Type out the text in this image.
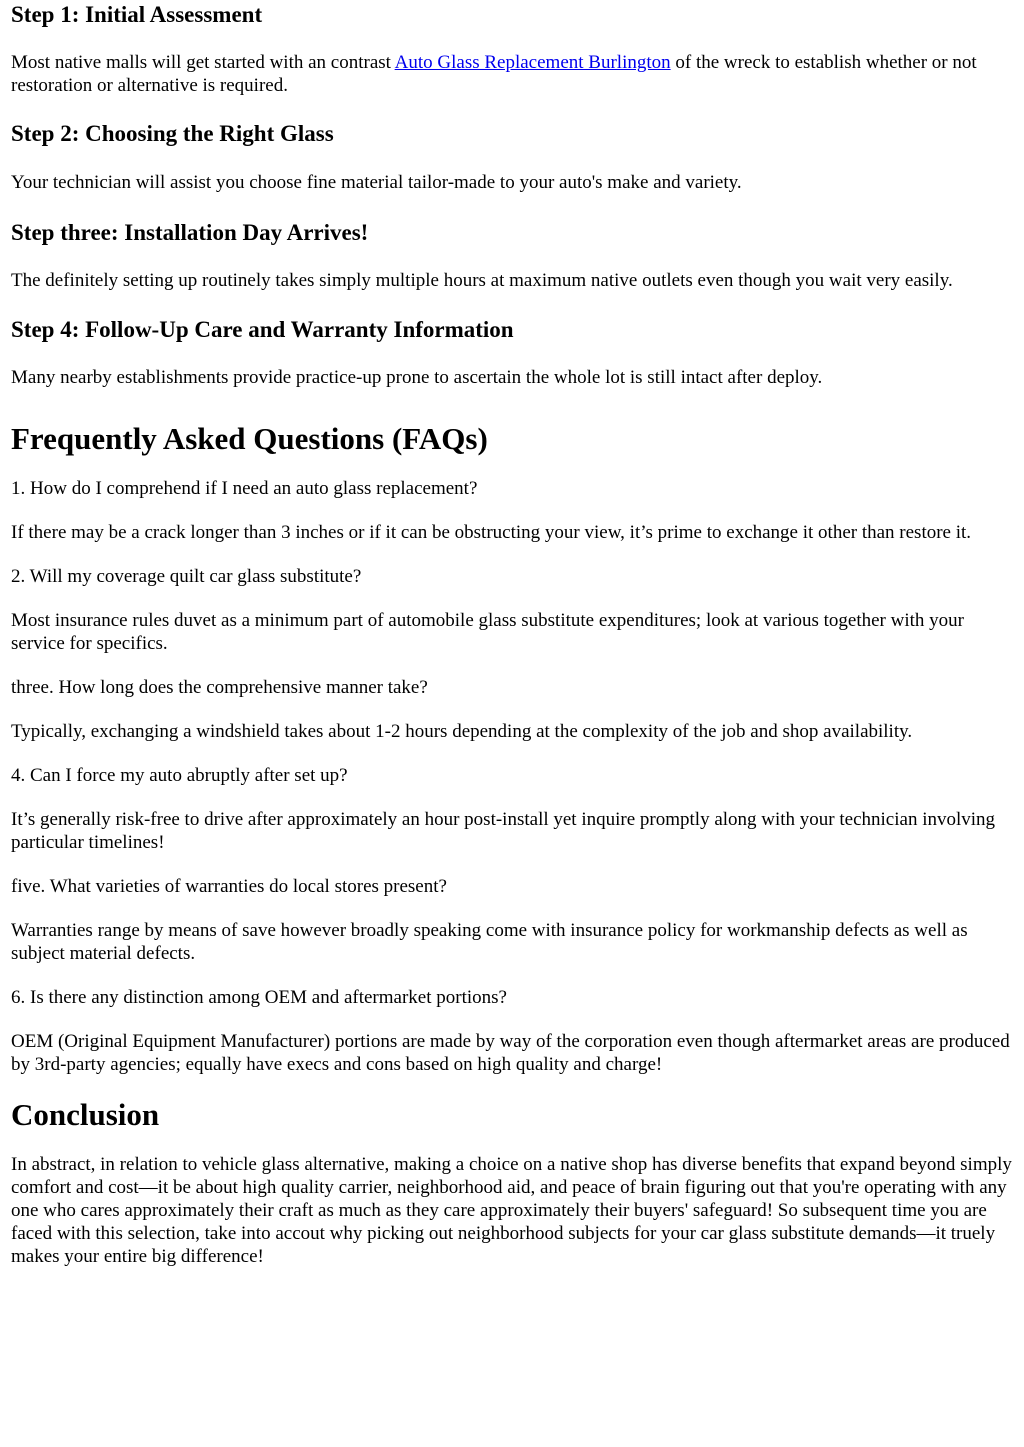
Step 1: Initial Assessment

Most native malls will get started with an contrast Auto Glass Replacement Burlington of the wreck to establish whether or not restoration or alternative is required.

Step 2: Choosing the Right Glass

Your technician will assist you choose fine material tailor-made to your auto's make and variety.

Step three: Installation Day Arrives!

The definitely setting up routinely takes simply multiple hours at maximum native outlets even though you wait very easily.

Step 4: Follow-Up Care and Warranty Information

Many nearby establishments provide practice-up prone to ascertain the whole lot is still intact after deploy.

Frequently Asked Questions (FAQs)

1. How do I comprehend if I need an auto glass replacement?

If there may be a crack longer than 3 inches or if it can be obstructing your view, it’s prime to exchange it other than restore it.

2. Will my coverage quilt car glass substitute?

Most insurance rules duvet as a minimum part of automobile glass substitute expenditures; look at various together with your service for specifics.

three. How long does the comprehensive manner take?

Typically, exchanging a windshield takes about 1-2 hours depending at the complexity of the job and shop availability.

4. Can I force my auto abruptly after set up?

It’s generally risk-free to drive after approximately an hour post-install yet inquire promptly along with your technician involving particular timelines!

five. What varieties of warranties do local stores present?

Warranties range by means of save however broadly speaking come with insurance policy for workmanship defects as well as subject material defects.

6. Is there any distinction among OEM and aftermarket portions?

OEM (Original Equipment Manufacturer) portions are made by way of the corporation even though aftermarket areas are produced by 3rd-party agencies; equally have execs and cons based on high quality and charge!

Conclusion

In abstract, in relation to vehicle glass alternative, making a choice on a native shop has diverse benefits that expand beyond simply comfort and cost—it be about high quality carrier, neighborhood aid, and peace of brain figuring out that you're operating with any one who cares approximately their craft as much as they care approximately their buyers' safeguard! So subsequent time you are faced with this selection, take into accout why picking out neighborhood subjects for your car glass substitute demands—it truely makes your entire big difference!
